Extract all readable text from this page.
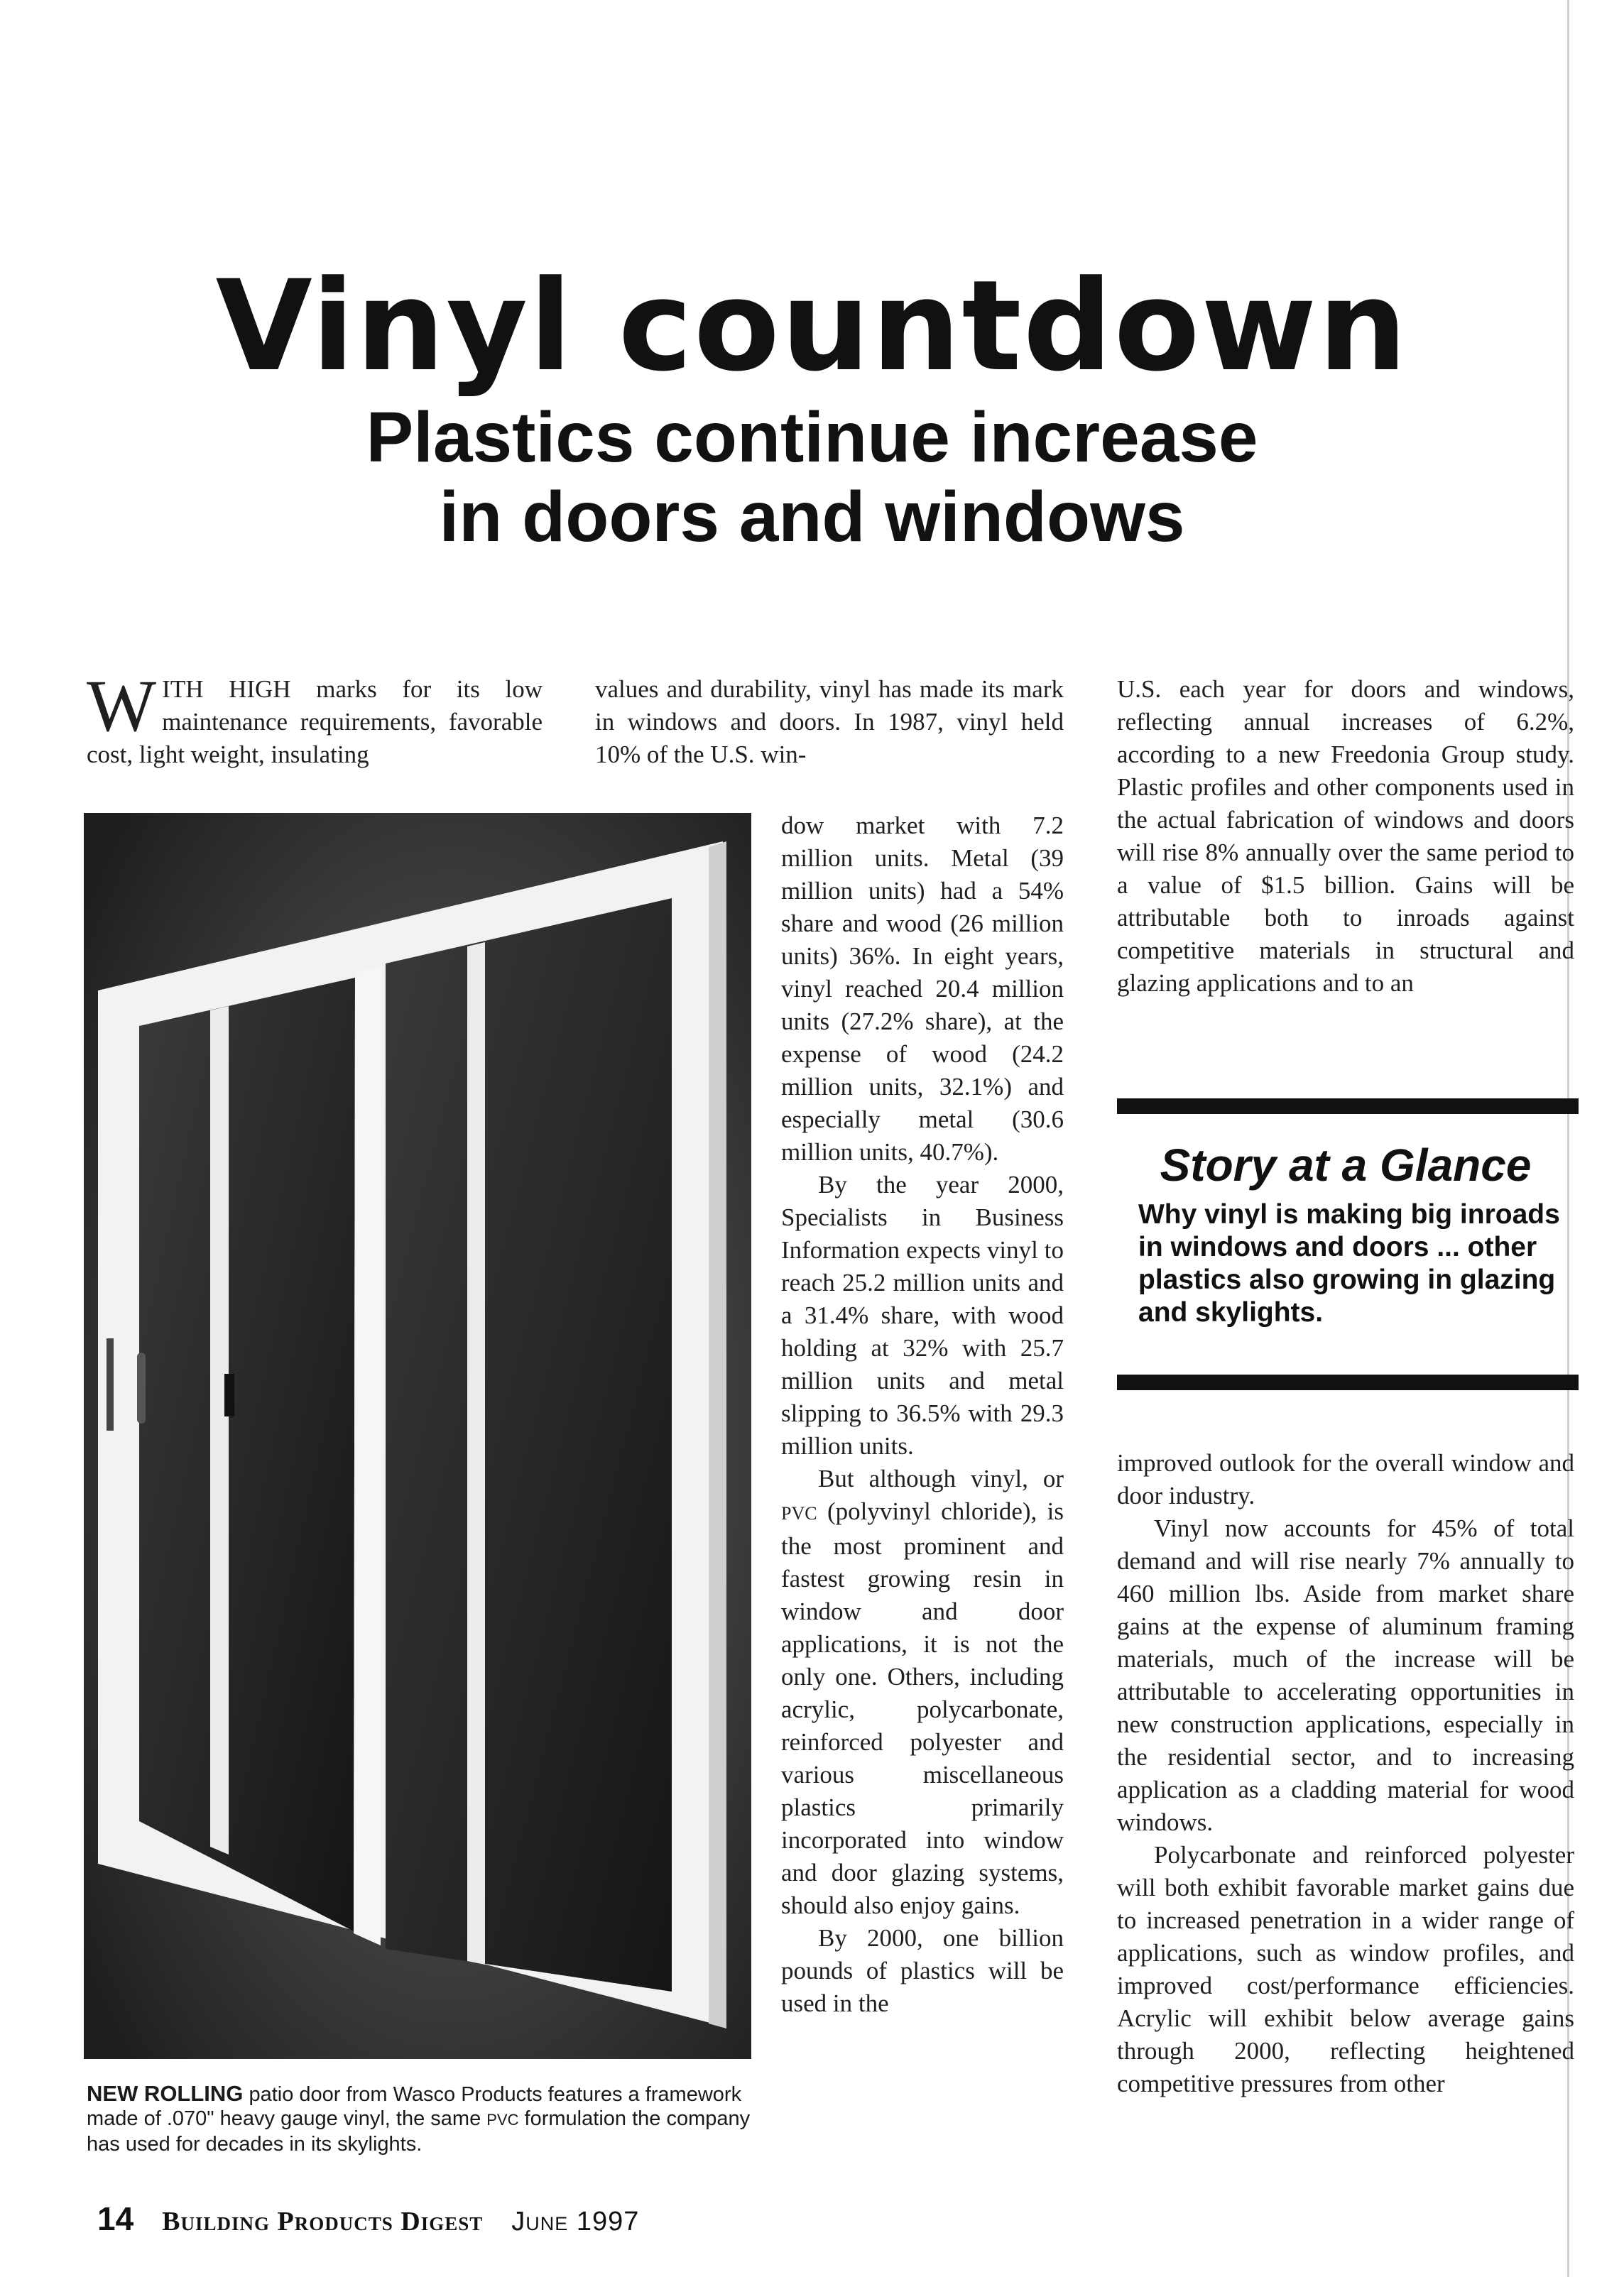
Vinyl countdown
Plastics continue increase
in doors and windows

WITH HIGH marks for its low maintenance requirements, favorable cost, light weight, insulating

NEW ROLLING patio door from Wasco Products features a framework made of .070" heavy gauge vinyl, the same PVC formulation the company has used for decades in its skylights.

values and durability, vinyl has made its mark in windows and doors. In 1987, vinyl held 10% of the U.S. win-

dow market with 7.2 million units. Metal (39 million units) had a 54% share and wood (26 million units) 36%. In eight years, vinyl reached 20.4 million units (27.2% share), at the expense of wood (24.2 million units, 32.1%) and especially metal (30.6 million units, 40.7%).

By the year 2000, Specialists in Business Information expects vinyl to reach 25.2 million units and a 31.4% share, with wood holding at 32% with 25.7 million units and metal slipping to 36.5% with 29.3 million units.

But although vinyl, or PVC (polyvinyl chloride), is the most prominent and fastest growing resin in window and door applications, it is not the only one. Others, including acrylic, polycarbonate, reinforced polyester and various miscellaneous plastics primarily incorporated into window and door glazing systems, should also enjoy gains.

By 2000, one billion pounds of plastics will be used in the

U.S. each year for doors and windows, reflecting annual increases of 6.2%, according to a new Freedonia Group study. Plastic profiles and other components used in the actual fabrication of windows and doors will rise 8% annually over the same period to a value of $1.5 billion. Gains will be attributable both to inroads against competitive materials in structural and glazing applications and to an

Story at a Glance

Why vinyl is making big inroads in windows and doors ... other plastics also growing in glazing and skylights.

improved outlook for the overall window and door industry.

Vinyl now accounts for 45% of total demand and will rise nearly 7% annually to 460 million lbs. Aside from market share gains at the expense of aluminum framing materials, much of the increase will be attributable to accelerating opportunities in new construction applications, especially in the residential sector, and to increasing application as a cladding material for wood windows.

Polycarbonate and reinforced polyester will both exhibit favorable market gains due to increased penetration in a wider range of applications, such as window profiles, and improved cost/performance efficiencies. Acrylic will exhibit below average gains through 2000, reflecting heightened competitive pressures from other

14 Building Products Digest June 1997
